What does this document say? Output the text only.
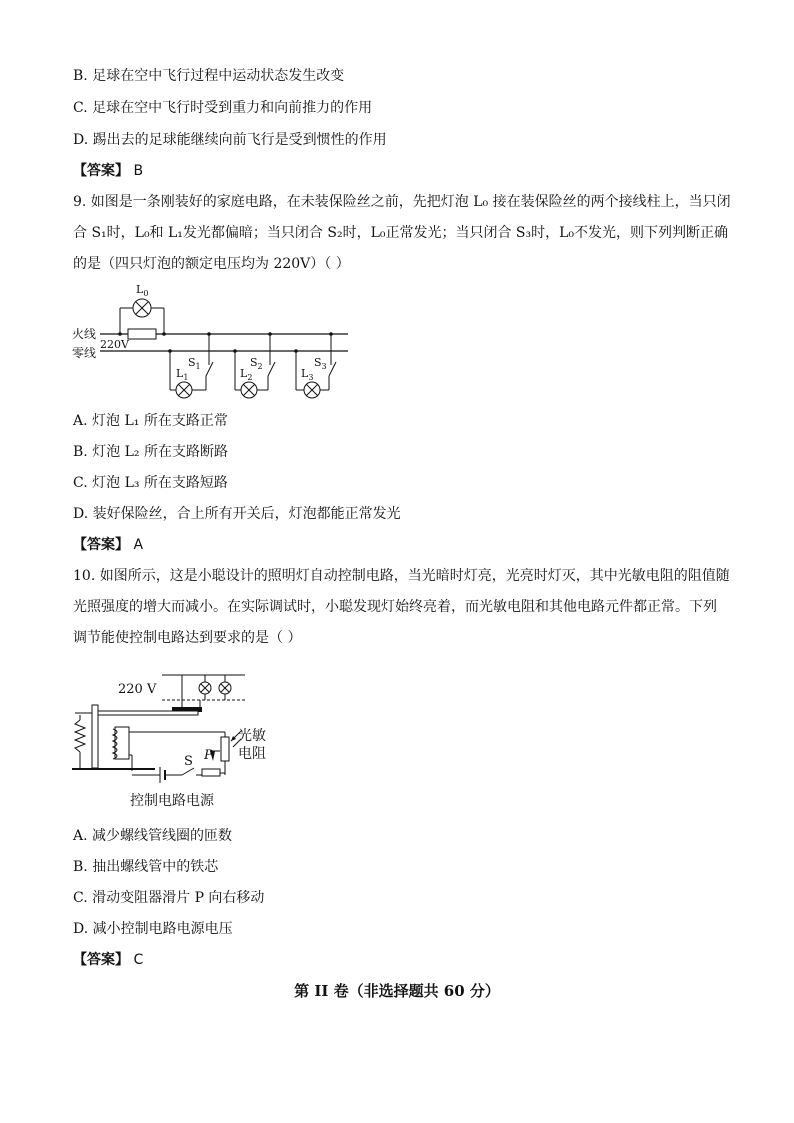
B. 足球在空中飞行过程中运动状态发生改变
C. 足球在空中飞行时受到重力和向前推力的作用
D. 踢出去的足球能继续向前飞行是受到惯性的作用
【答案】 B
9. 如图是一条刚装好的家庭电路，在未装保险丝之前，先把灯泡 L₀ 接在装保险丝的两个接线柱上，当只闭
合 S₁时，L₀和 L₁发光都偏暗；当只闭合 S₂时，L₀正常发光；当只闭合 S₃时，L₀不发光，则下列判断正确
的是（四只灯泡的额定电压均为 220V）（ ）
$L_0$
火线
零线
220V
$S_1$
$L_1$
$S_2$
$L_2$
$S_3$
$L_3$
A. 灯泡 L₁ 所在支路正常
B. 灯泡 L₂ 所在支路断路
C. 灯泡 L₃ 所在支路短路
D. 装好保险丝，合上所有开关后，灯泡都能正常发光
【答案】 A
10. 如图所示，这是小聪设计的照明灯自动控制电路，当光暗时灯亮，光亮时灯灭，其中光敏电阻的阻值随
光照强度的增大而减小。在实际调试时，小聪发现灯始终亮着，而光敏电阻和其他电路元件都正常。下列
调节能使控制电路达到要求的是（ ）
220 V
光敏
电阻
P
S
控制电路电源
A. 减少螺线管线圈的匝数
B. 抽出螺线管中的铁芯
C. 滑动变阻器滑片 P 向右移动
D. 减小控制电路电源电压
【答案】 C
第 II 卷（非选择题共 60 分）
